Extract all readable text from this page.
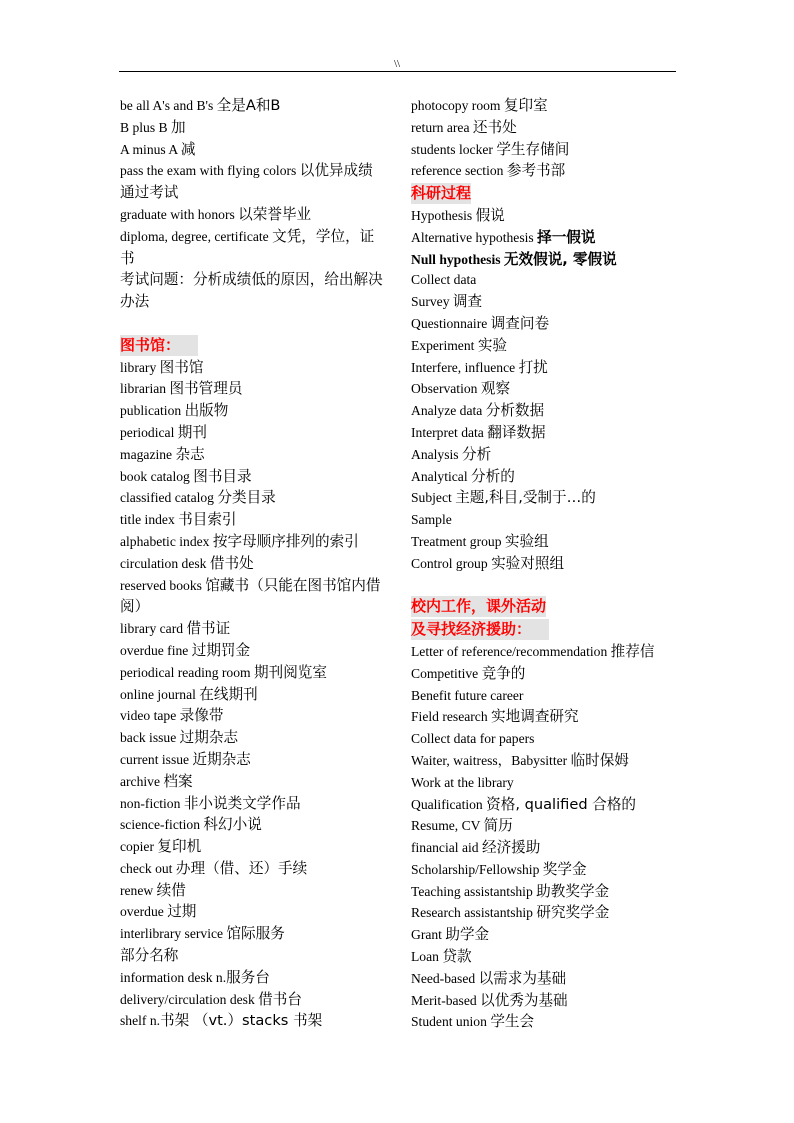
\\
be all A's and B's 全是A和B
B plus B 加
A minus A 减
pass the exam with flying colors 以优异成绩通过考试
graduate with honors 以荣誉毕业
diploma, degree, certificate 文凭，学位，证书
考试问题：分析成绩低的原因，给出解决办法
图书馆：
library 图书馆
librarian 图书管理员
publication 出版物
periodical 期刊
magazine 杂志
book catalog 图书目录
classified catalog 分类目录
title index 书目索引
alphabetic index 按字母顺序排列的索引
circulation desk 借书处
reserved books 馆藏书（只能在图书馆内借阅）
library card 借书证
overdue fine 过期罚金
periodical reading room 期刊阅览室
online journal 在线期刊
video tape 录像带
back issue 过期杂志
current issue 近期杂志
archive 档案
non-fiction 非小说类文学作品
science-fiction 科幻小说
copier 复印机
check out 办理（借、还）手续
renew 续借
overdue 过期
interlibrary service 馆际服务
部分名称
information desk n.服务台
delivery/circulation desk 借书台
shelf n.书架 （vt.）stacks 书架
photocopy room 复印室
return area 还书处
students locker 学生存储间
reference section 参考书部
科研过程
Hypothesis 假说
Alternative hypothesis 择一假说
Null hypothesis 无效假说, 零假说
Collect data
Survey 调查
Questionnaire 调查问卷
Experiment 实验
Interfere, influence 打扰
Observation 观察
Analyze data 分析数据
Interpret data 翻译数据
Analysis 分析
Analytical 分析的
Subject 主题,科目,受制于…的
Sample
Treatment group 实验组
Control group 实验对照组
校内工作，课外活动
及寻找经济援助：
Letter of reference/recommendation 推荐信
Competitive 竞争的
Benefit future career
Field research 实地调查研究
Collect data for papers
Waiter, waitress，Babysitter 临时保姆
Work at the library
Qualification 资格, qualified 合格的
Resume, CV 简历
financial aid 经济援助
Scholarship/Fellowship 奖学金
Teaching assistantship 助教奖学金
Research assistantship 研究奖学金
Grant 助学金
Loan 贷款
Need-based 以需求为基础
Merit-based 以优秀为基础
Student union 学生会
